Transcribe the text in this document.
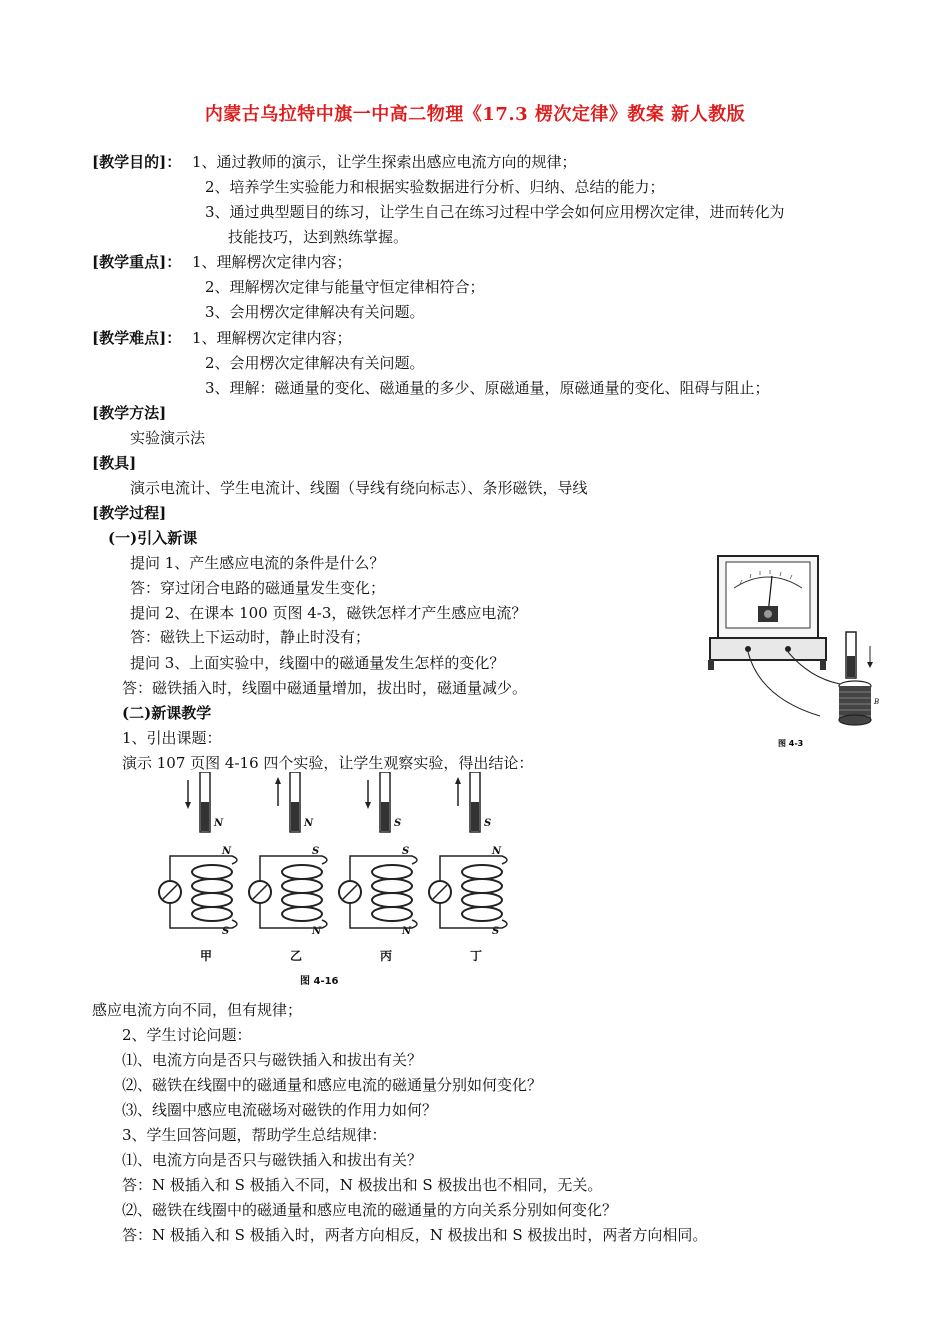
内蒙古乌拉特中旗一中高二物理《17.3 楞次定律》教案 新人教版
[教学目的]： 1、通过教师的演示，让学生探索出感应电流方向的规律；
2、培养学生实验能力和根据实验数据进行分析、归纳、总结的能力；
3、通过典型题目的练习，让学生自己在练习过程中学会如何应用楞次定律，进而转化为
技能技巧，达到熟练掌握。
[教学重点]： 1、理解楞次定律内容；
2、理解楞次定律与能量守恒定律相符合；
3、会用楞次定律解决有关问题。
[教学难点]： 1、理解楞次定律内容；
2、会用楞次定律解决有关问题。
3、理解：磁通量的变化、磁通量的多少、原磁通量，原磁通量的变化、阻碍与阻止；
[教学方法]
实验演示法
[教具]
演示电流计、学生电流计、线圈（导线有绕向标志）、条形磁铁，导线
[教学过程]
(一)引入新课
提问 1、产生感应电流的条件是什么？
答：穿过闭合电路的磁通量发生变化；
提问 2、在课本 100 页图 4-3，磁铁怎样才产生感应电流？
答：磁铁上下运动时，静止时没有；
提问 3、上面实验中，线圈中的磁通量发生怎样的变化？
答：磁铁插入时，线圈中磁通量增加，拔出时，磁通量减少。
(二)新课教学
1、引出课题：
演示 107 页图 4-16 四个实验，让学生观察实验，得出结论：
B
图 4-3
N
N
S
甲
N
S
N
乙
S
S
N
丙
S
N
S
丁
图 4-16
感应电流方向不同，但有规律；
2、学生讨论问题：
⑴、电流方向是否只与磁铁插入和拔出有关？
⑵、磁铁在线圈中的磁通量和感应电流的磁通量分别如何变化？
⑶、线圈中感应电流磁场对磁铁的作用力如何？
3、学生回答问题，帮助学生总结规律：
⑴、电流方向是否只与磁铁插入和拔出有关？
答：N 极插入和 S 极插入不同，N 极拔出和 S 极拔出也不相同，无关。
⑵、磁铁在线圈中的磁通量和感应电流的磁通量的方向关系分别如何变化？
答：N 极插入和 S 极插入时，两者方向相反，N 极拔出和 S 极拔出时，两者方向相同。
